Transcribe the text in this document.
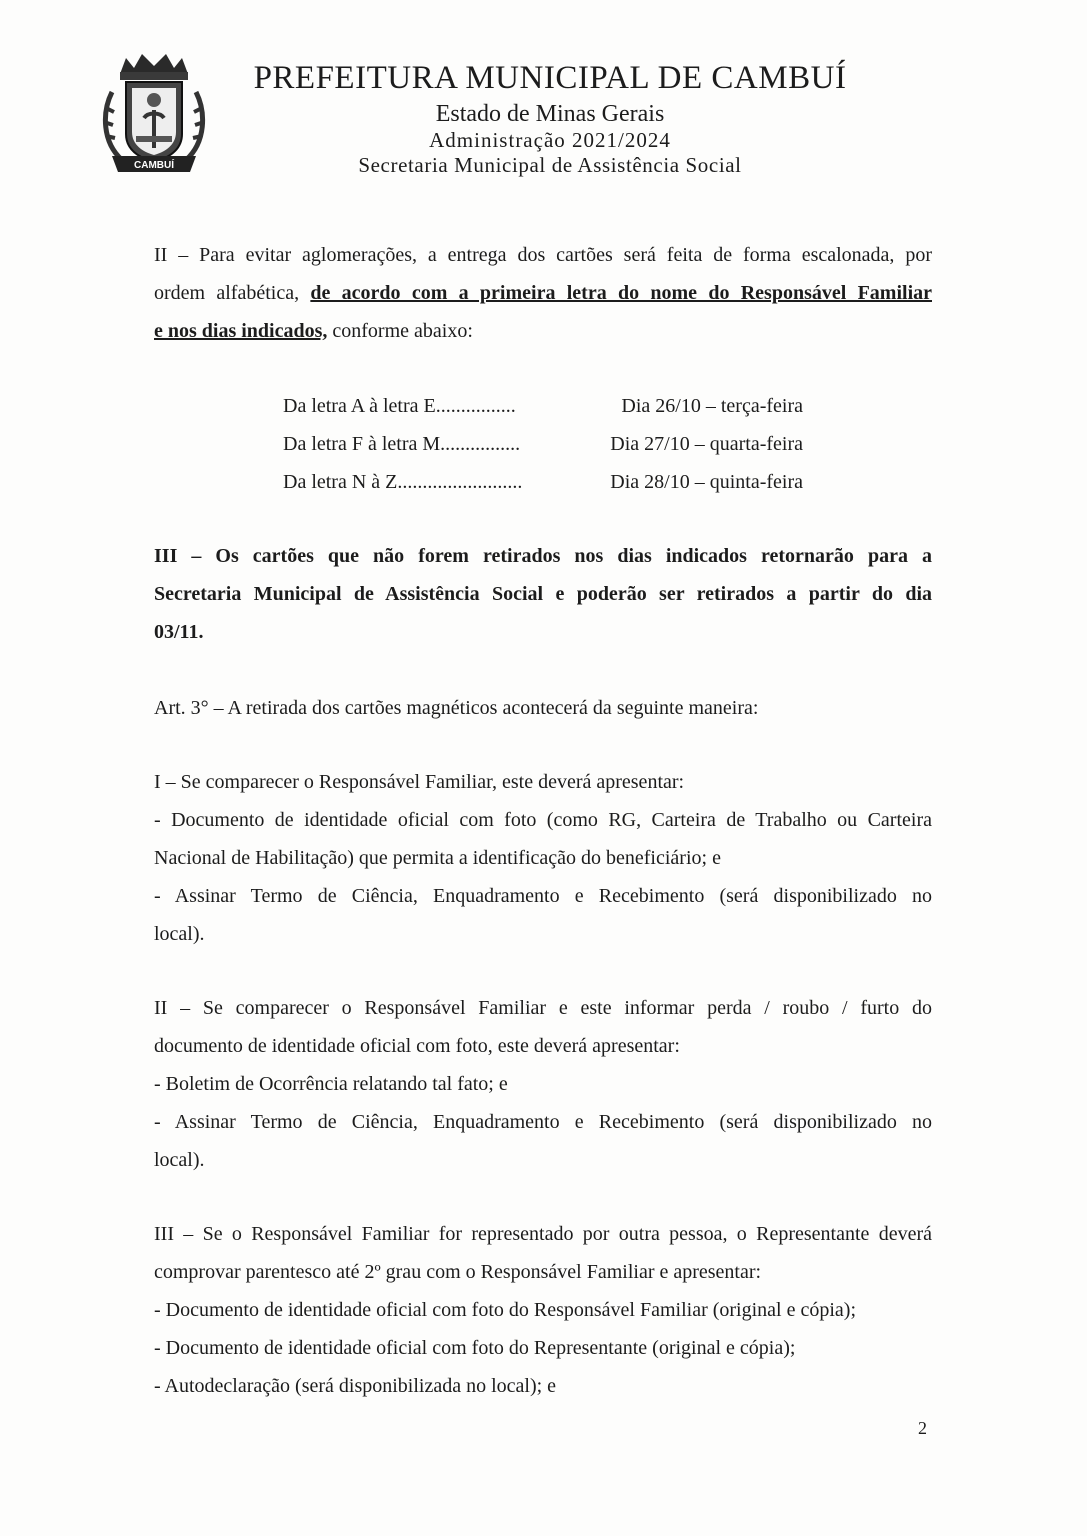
CAMBUÍ
PREFEITURA MUNICIPAL DE CAMBUÍ
Estado de Minas Gerais
Administração 2021/2024
Secretaria Municipal de Assistência Social
II – Para evitar aglomerações, a entrega dos cartões será feita de forma escalonada, por
ordem alfabética, de acordo com a primeira letra do nome do Responsável Familiar
e nos dias indicados, conforme abaixo:
Da letra A à letra E ................	Dia 26/10 – terça-feira
Da letra F à letra M ................	Dia 27/10 – quarta-feira
Da letra N à Z .........................	Dia 28/10 – quinta-feira
III – Os cartões que não forem retirados nos dias indicados retornarão para a
Secretaria Municipal de Assistência Social e poderão ser retirados a partir do dia
03/11.
Art. 3° – A retirada dos cartões magnéticos acontecerá da seguinte maneira:
I – Se comparecer o Responsável Familiar, este deverá apresentar:
- Documento de identidade oficial com foto (como RG, Carteira de Trabalho ou Carteira
Nacional de Habilitação) que permita a identificação do beneficiário; e
- Assinar Termo de Ciência, Enquadramento e Recebimento (será disponibilizado no
local).
II – Se comparecer o Responsável Familiar e este informar perda / roubo / furto do
documento de identidade oficial com foto, este deverá apresentar:
- Boletim de Ocorrência relatando tal fato; e
- Assinar Termo de Ciência, Enquadramento e Recebimento (será disponibilizado no
local).
III – Se o Responsável Familiar for representado por outra pessoa, o Representante deverá
comprovar parentesco até 2º grau com o Responsável Familiar e apresentar:
- Documento de identidade oficial com foto do Responsável Familiar (original e cópia);
- Documento de identidade oficial com foto do Representante (original e cópia);
- Autodeclaração (será disponibilizada no local); e
2
